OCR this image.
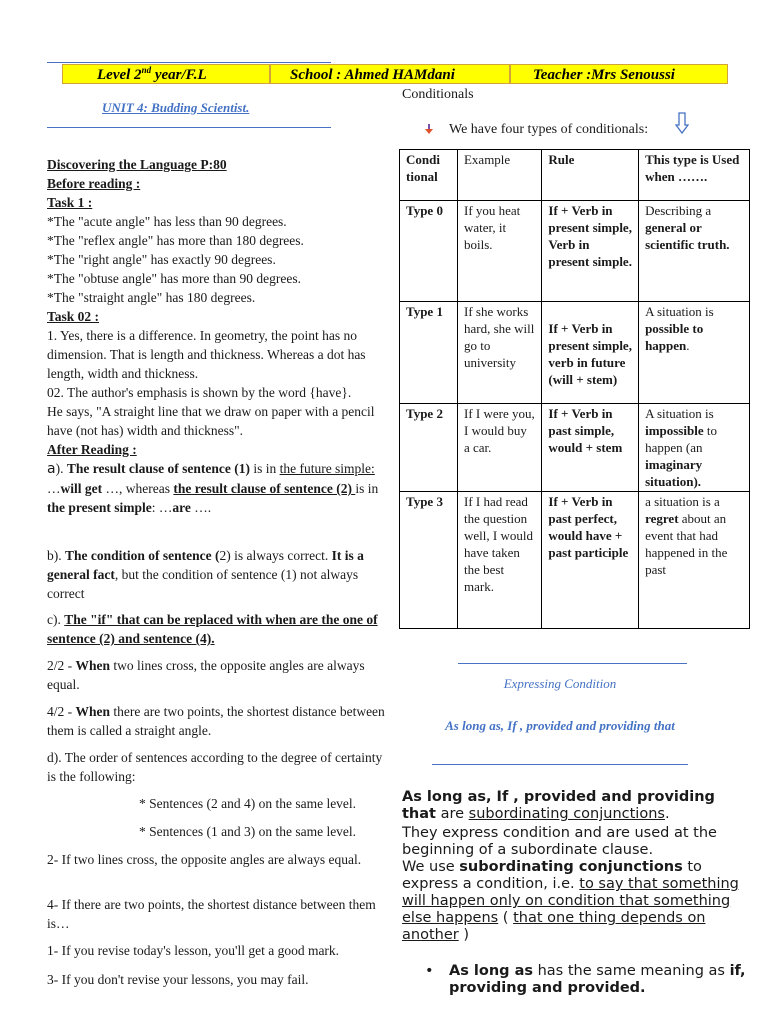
Level 2nd year/F.L	School : Ahmed HAMdani	Teacher :Mrs Senoussi
UNIT 4: Budding Scientist.
Conditionals
We have four types of conditionals:

Discovering the Language P:80

Before reading :

Task 1 :

*The "acute angle" has less than 90 degrees.

*The "reflex angle" has more than 180 degrees.

*The "right angle" has exactly 90 degrees.

*The "obtuse angle" has more than 90 degrees.

*The "straight angle" has 180 degrees.

Task 02 :

1. Yes, there is a difference. In geometry, the point has no dimension. That is length and thickness. Whereas a dot has length, width and thickness.

02. The author's emphasis is shown by the word {have}.

He says, "A straight line that we draw on paper with a pencil have (not has) width and thickness".

After Reading :

a). The result clause of sentence (1) is in the future simple: …will get …, whereas the result clause of sentence (2) is in the present simple: …are ….

b). The condition of sentence (2) is always correct. It is a general fact, but the condition of sentence (1) not always correct

c). The "if" that can be replaced with when are the one of sentence (2) and sentence (4).

2/2 - When two lines cross, the opposite angles are always equal.

4/2 - When there are two points, the shortest distance between them is called a straight angle.

d). The order of sentences according to the degree of certainty is the following:
* Sentences (2 and 4) on the same level.
* Sentences (1 and 3) on the same level.
2- If two lines cross, the opposite angles are always equal.
4- If there are two points, the shortest distance between them is…
1- If you revise today's lesson, you'll get a good mark.
3- If you don't revise your lessons, you may fail.
Condi tional	Example	Rule	This type is Used when …….
Type 0	If you heat water, it boils.	If + Verb in present simple, Verb in present simple.	Describing a general or scientific truth.
Type 1	If she works hard, she will go to university	If + Verb in present simple, verb in future (will + stem)	A situation is possible to happen.
Type 2	If I were you, I would buy a car.	If + Verb in past simple, would + stem	A situation is impossible to happen (an imaginary situation).
Type 3	If I had read the question well, I would have taken the best mark.	If + Verb in past perfect, would have + past participle	a situation is a regret about an event that had happened in the past
Expressing Condition
As long as, If , provided and providing that

As long as, If , provided and providing that are subordinating conjunctions.

They express condition and are used at the beginning of a subordinate clause.

We use subordinating conjunctions to express a condition, i.e. to say that something will happen only on condition that something else happens ( that one thing depends on another )

•	As long as has the same meaning as if, providing and provided.
